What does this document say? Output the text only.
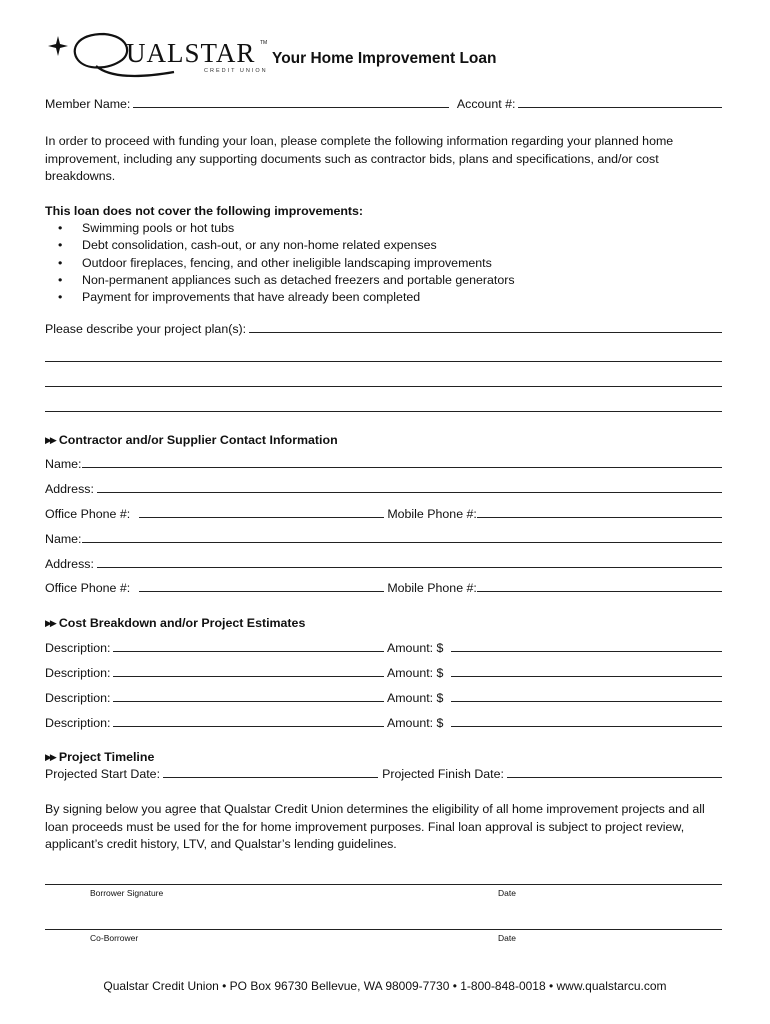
UALSTAR TM
CREDIT UNION
Your Home Improvement Loan
Member Name:	Account #:
In order to proceed with funding your loan, please complete the following information regarding your planned home improvement, including any supporting documents such as contractor bids, plans and specifications, and/or cost breakdowns.
This loan does not cover the following improvements:
• Swimming pools or hot tubs
• Debt consolidation, cash-out, or any non-home related expenses
• Outdoor fireplaces, fencing, and other ineligible landscaping improvements
• Non-permanent appliances such as detached freezers and portable generators
• Payment for improvements that have already been completed
Please describe your project plan(s):
▶▶ Contractor and/or Supplier Contact Information
Name:
Address:
Office Phone #:	Mobile Phone #:
Name:
Address:
Office Phone #:	Mobile Phone #:
▶▶ Cost Breakdown and/or Project Estimates
Description:	Amount: $
Description:	Amount: $
Description:	Amount: $
Description:	Amount: $
▶▶ Project Timeline
Projected Start Date:	Projected Finish Date:
By signing below you agree that Qualstar Credit Union determines the eligibility of all home improvement projects and all loan proceeds must be used for the for home improvement purposes. Final loan approval is subject to project review, applicant’s credit history, LTV, and Qualstar’s lending guidelines.
Borrower Signature	Date
Co-Borrower	Date
Qualstar Credit Union • PO Box 96730 Bellevue, WA 98009-7730 • 1-800-848-0018 • www.qualstarcu.com
